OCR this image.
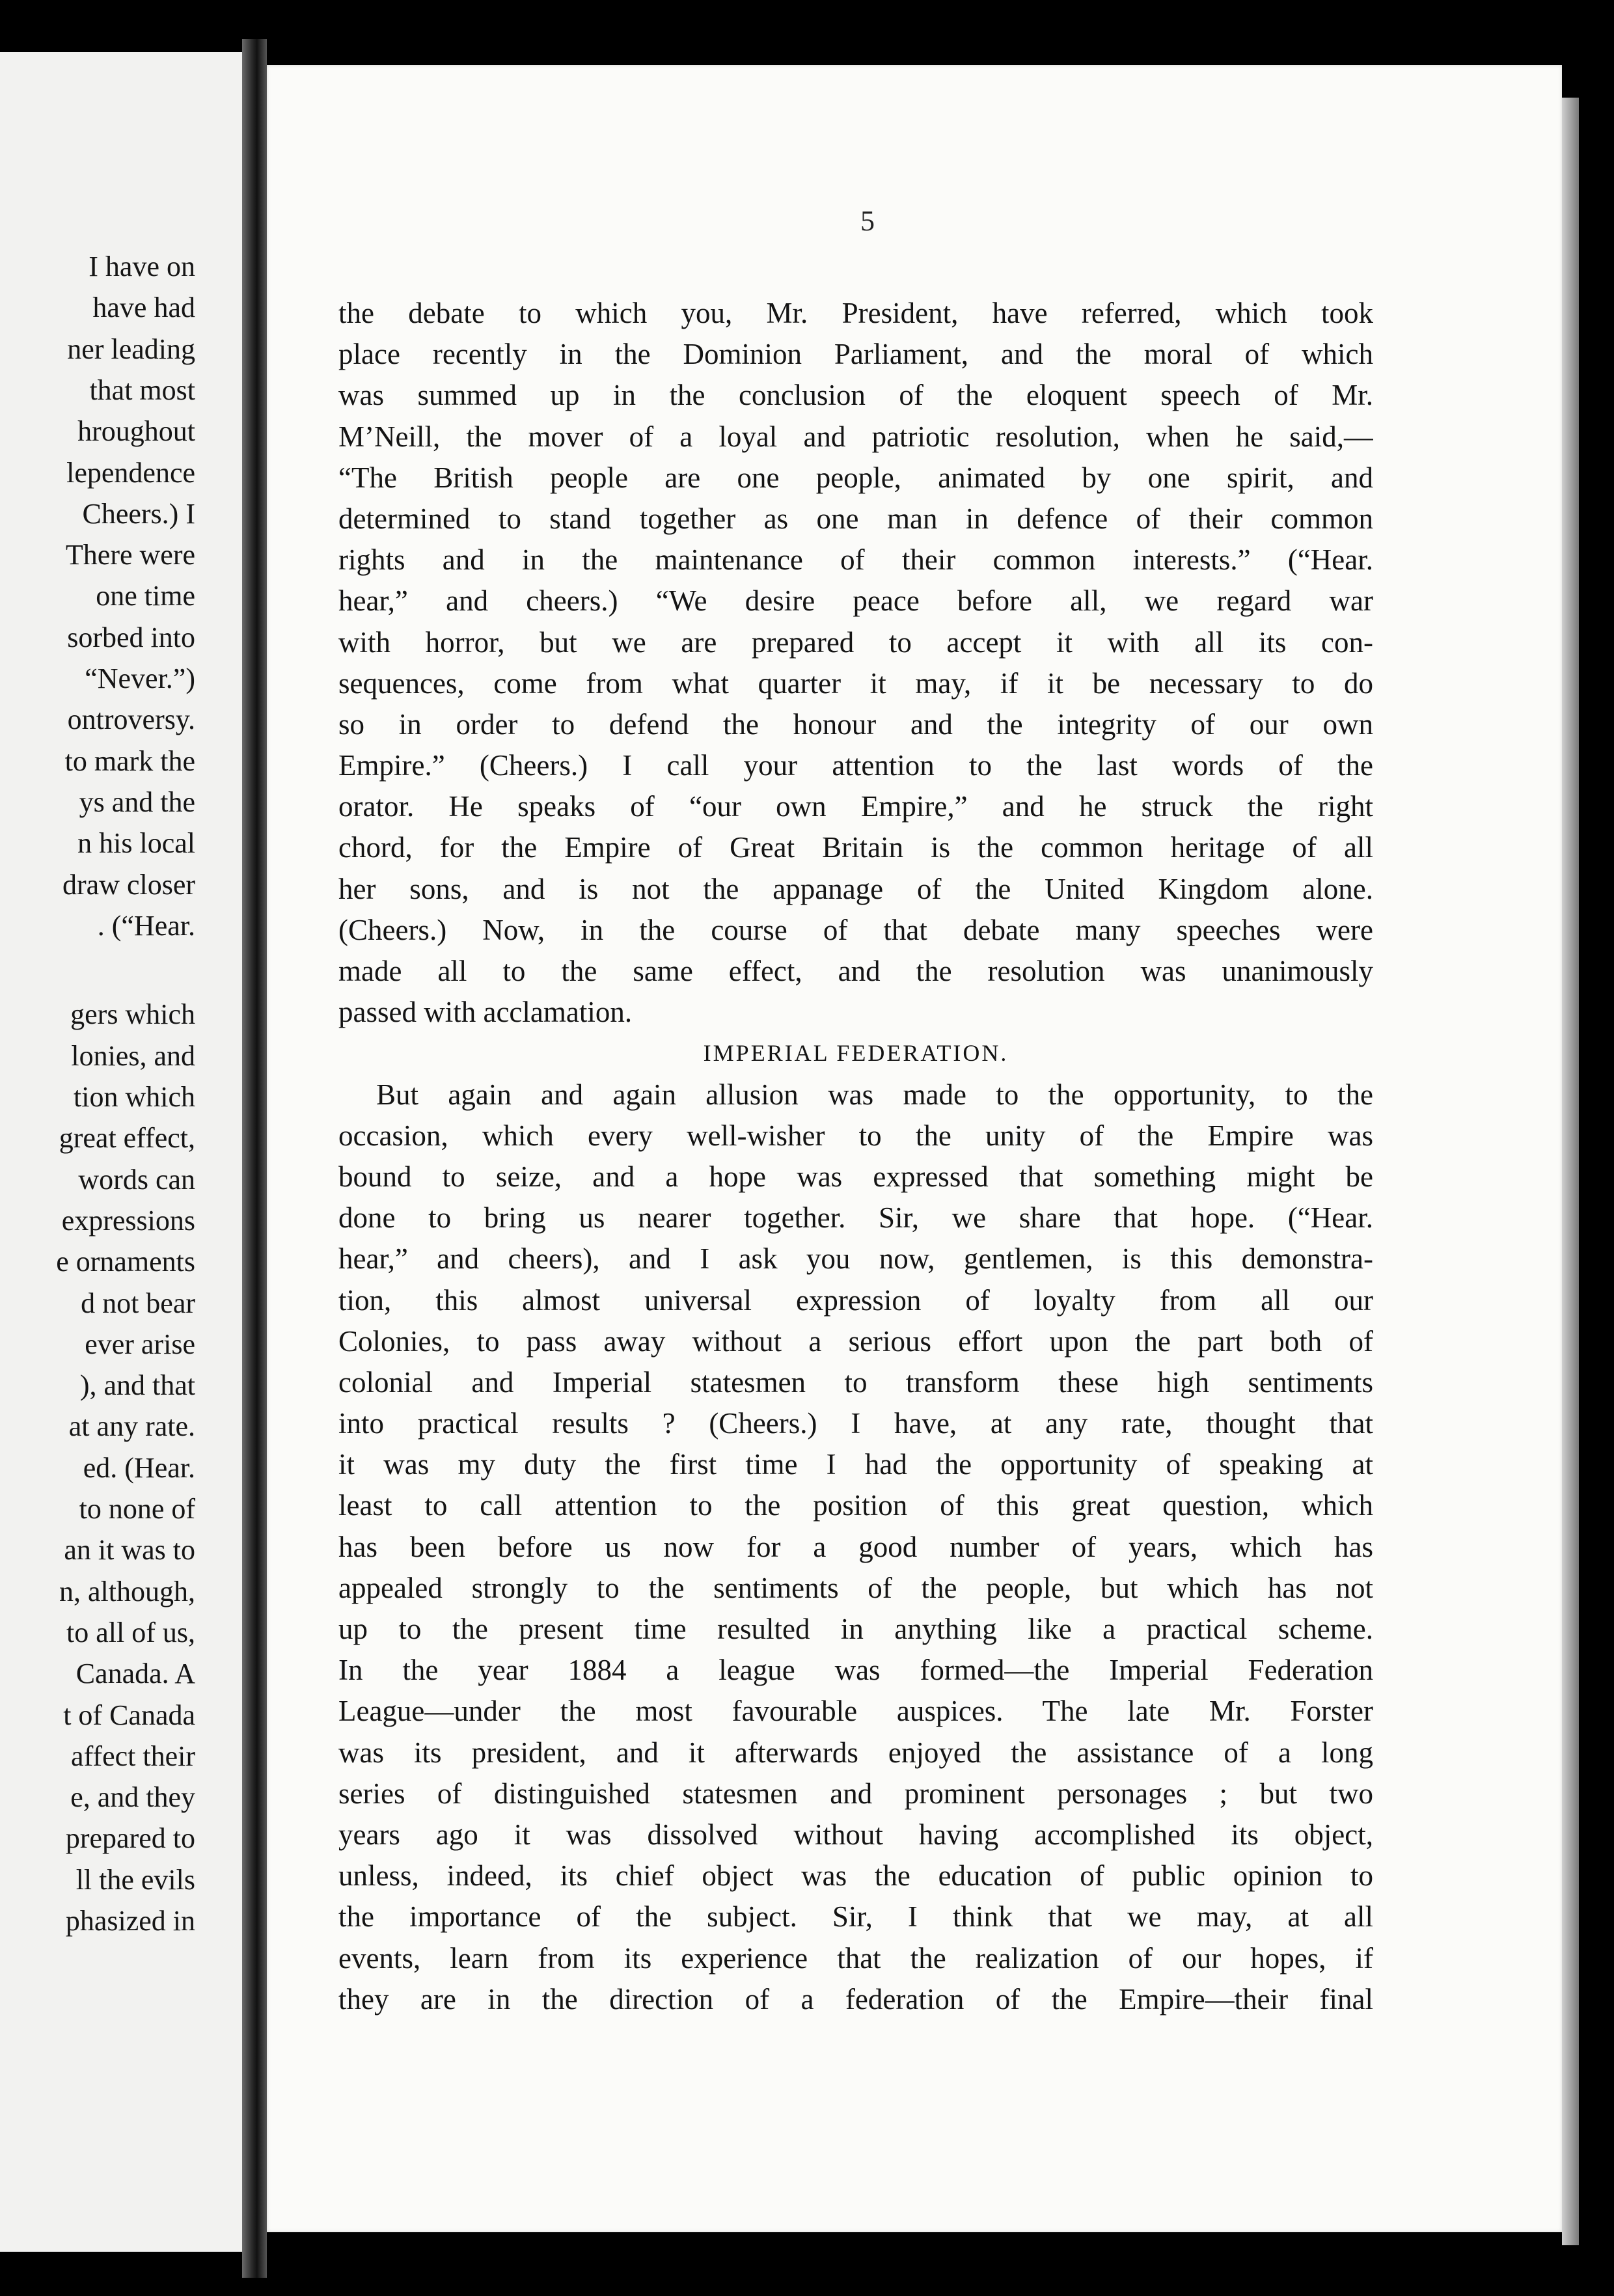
I have on
have had
ner leading
that most
hroughout
lependence
Cheers.) I
There were
one time
sorbed into
“Never.”)
ontroversy.
to mark the
ys and the
n his local
draw closer
. (“Hear.
gers which
lonies, and
tion which
great effect,
words can
expressions
e ornaments
d not bear
ever arise
), and that
at any rate.
ed. (Hear.
to none of
an it was to
n, although,
to all of us,
Canada. A
t of Canada
affect their
e, and they
prepared to
ll the evils
phasized in
5
the debate to which you, Mr. President, have referred, which took
place recently in the Dominion Parliament, and the moral of which
was summed up in the conclusion of the eloquent speech of Mr.
M’Neill, the mover of a loyal and patriotic resolution, when he said,—
“The British people are one people, animated by one spirit, and
determined to stand together as one man in defence of their common
rights and in the maintenance of their common interests.” (“Hear.
hear,” and cheers.) “We desire peace before all, we regard war
with horror, but we are prepared to accept it with all its con-
sequences, come from what quarter it may, if it be necessary to do
so in order to defend the honour and the integrity of our own
Empire.” (Cheers.) I call your attention to the last words of the
orator. He speaks of “our own Empire,” and he struck the right
chord, for the Empire of Great Britain is the common heritage of all
her sons, and is not the appanage of the United Kingdom alone.
(Cheers.) Now, in the course of that debate many speeches were
made all to the same effect, and the resolution was unanimously
passed with acclamation.
IMPERIAL FEDERATION.
But again and again allusion was made to the opportunity, to the
occasion, which every well-wisher to the unity of the Empire was
bound to seize, and a hope was expressed that something might be
done to bring us nearer together. Sir, we share that hope. (“Hear.
hear,” and cheers), and I ask you now, gentlemen, is this demonstra-
tion, this almost universal expression of loyalty from all our
Colonies, to pass away without a serious effort upon the part both of
colonial and Imperial statesmen to transform these high sentiments
into practical results ? (Cheers.) I have, at any rate, thought that
it was my duty the first time I had the opportunity of speaking at
least to call attention to the position of this great question, which
has been before us now for a good number of years, which has
appealed strongly to the sentiments of the people, but which has not
up to the present time resulted in anything like a practical scheme.
In the year 1884 a league was formed—the Imperial Federation
League—under the most favourable auspices. The late Mr. Forster
was its president, and it afterwards enjoyed the assistance of a long
series of distinguished statesmen and prominent personages ; but two
years ago it was dissolved without having accomplished its object,
unless, indeed, its chief object was the education of public opinion to
the importance of the subject. Sir, I think that we may, at all
events, learn from its experience that the realization of our hopes, if
they are in the direction of a federation of the Empire—their final
